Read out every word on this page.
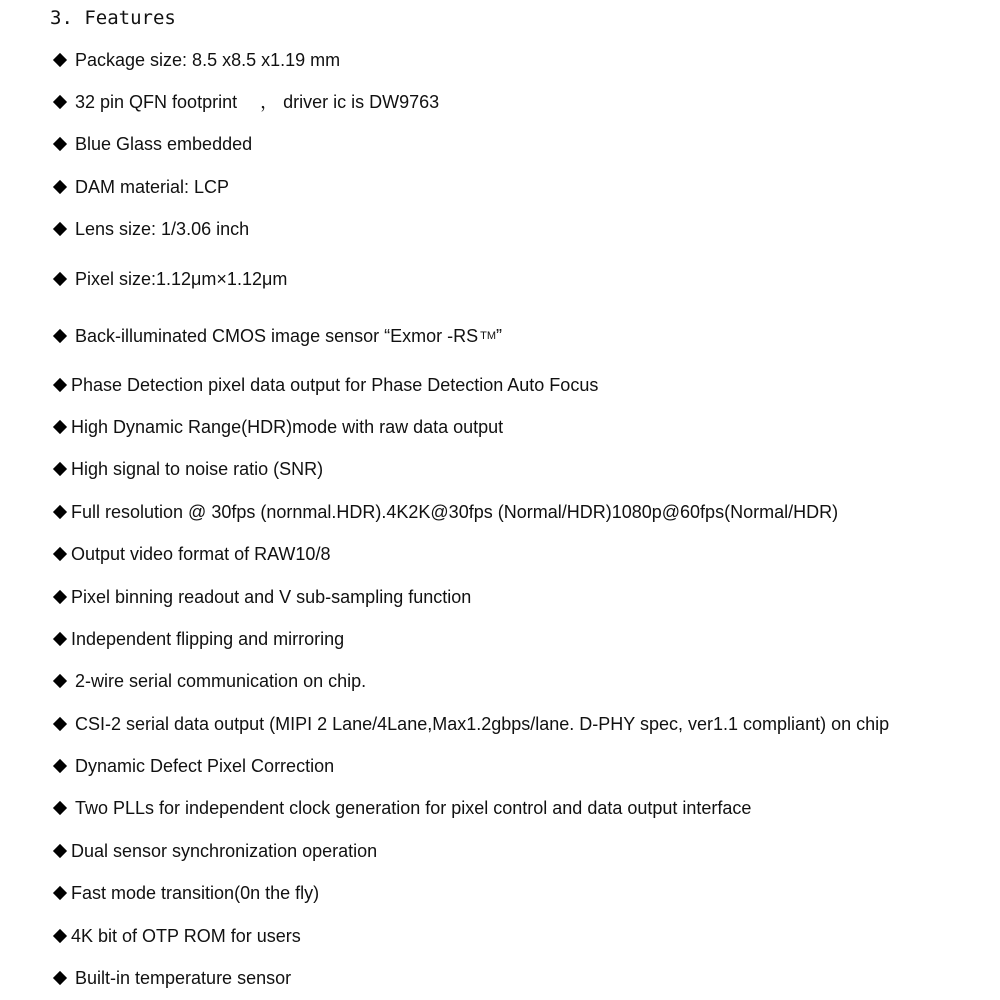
3. Features
Package size: 8.5 x8.5 x1.19 mm
32 pin QFN footprint 　， driver ic is DW9763
Blue Glass embedded
DAM material: LCP
Lens size: 1/3.06 inch
Pixel size:1.12μm×1.12μm
Back-illuminated CMOS image sensor “Exmor -RS TM ”
Phase Detection pixel data output for Phase Detection Auto Focus
High Dynamic Range(HDR)mode with raw data output
High signal to noise ratio (SNR)
Full resolution @ 30fps (nornmal.HDR).4K2K@30fps (Normal/HDR)1080p@60fps(Normal/HDR)
Output video format of RAW10/8
Pixel binning readout and V sub-sampling function
Independent flipping and mirroring
2-wire serial communication on chip.
CSI-2 serial data output (MIPI 2 Lane/4Lane,Max1.2gbps/lane. D-PHY spec, ver1.1 compliant) on chip
Dynamic Defect Pixel Correction
Two PLLs for independent clock generation for pixel control and data output interface
Dual sensor synchronization operation
Fast mode transition(0n the fly)
4K bit of OTP ROM for users
Built-in temperature sensor
